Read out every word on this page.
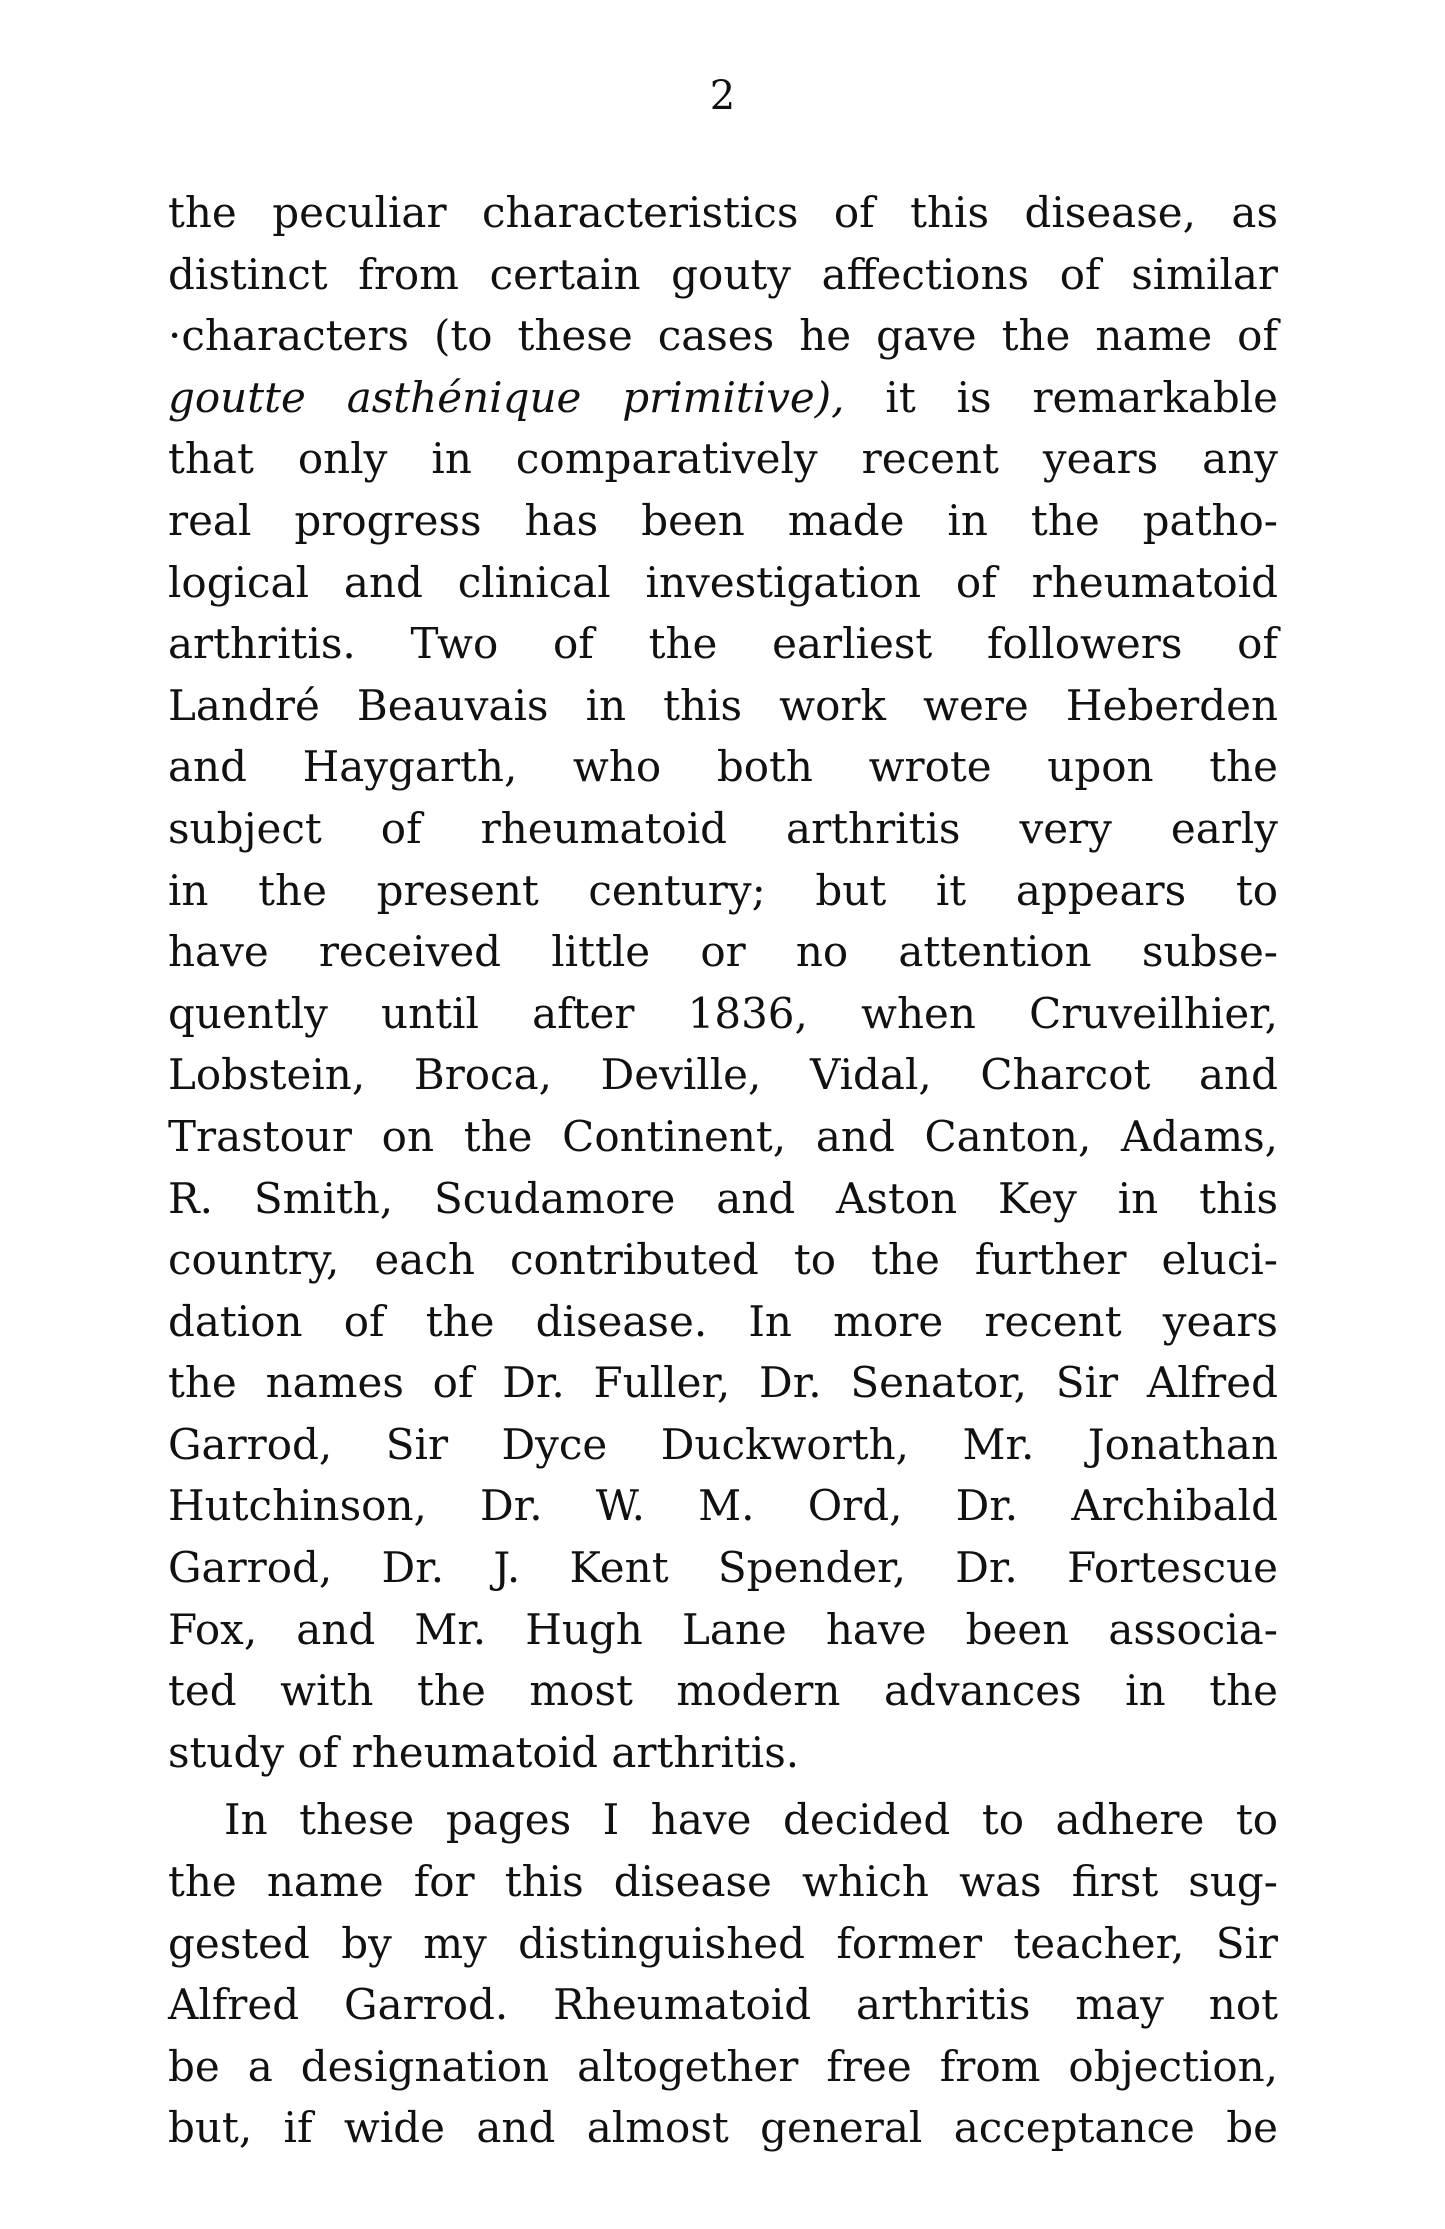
2
the peculiar characteristics of this disease, as
distinct from certain gouty affections of similar
·characters (to these cases he gave the name of
goutte asthénique primitive), it is remarkable
that only in comparatively recent years any
real progress has been made in the patho-
logical and clinical investigation of rheumatoid
arthritis. Two of the earliest followers of
Landré Beauvais in this work were Heberden
and Haygarth, who both wrote upon the
subject of rheumatoid arthritis very early
in the present century; but it appears to
have received little or no attention subse-
quently until after 1836, when Cruveilhier,
Lobstein, Broca, Deville, Vidal, Charcot and
Trastour on the Continent, and Canton, Adams,
R. Smith, Scudamore and Aston Key in this
country, each contributed to the further eluci-
dation of the disease. In more recent years
the names of Dr. Fuller, Dr. Senator, Sir Alfred
Garrod, Sir Dyce Duckworth, Mr. Jonathan
Hutchinson, Dr. W. M. Ord, Dr. Archibald
Garrod, Dr. J. Kent Spender, Dr. Fortescue
Fox, and Mr. Hugh Lane have been associa-
ted with the most modern advances in the
study of rheumatoid arthritis.
In these pages I have decided to adhere to
the name for this disease which was first sug-
gested by my distinguished former teacher, Sir
Alfred Garrod. Rheumatoid arthritis may not
be a designation altogether free from objection,
but, if wide and almost general acceptance be
